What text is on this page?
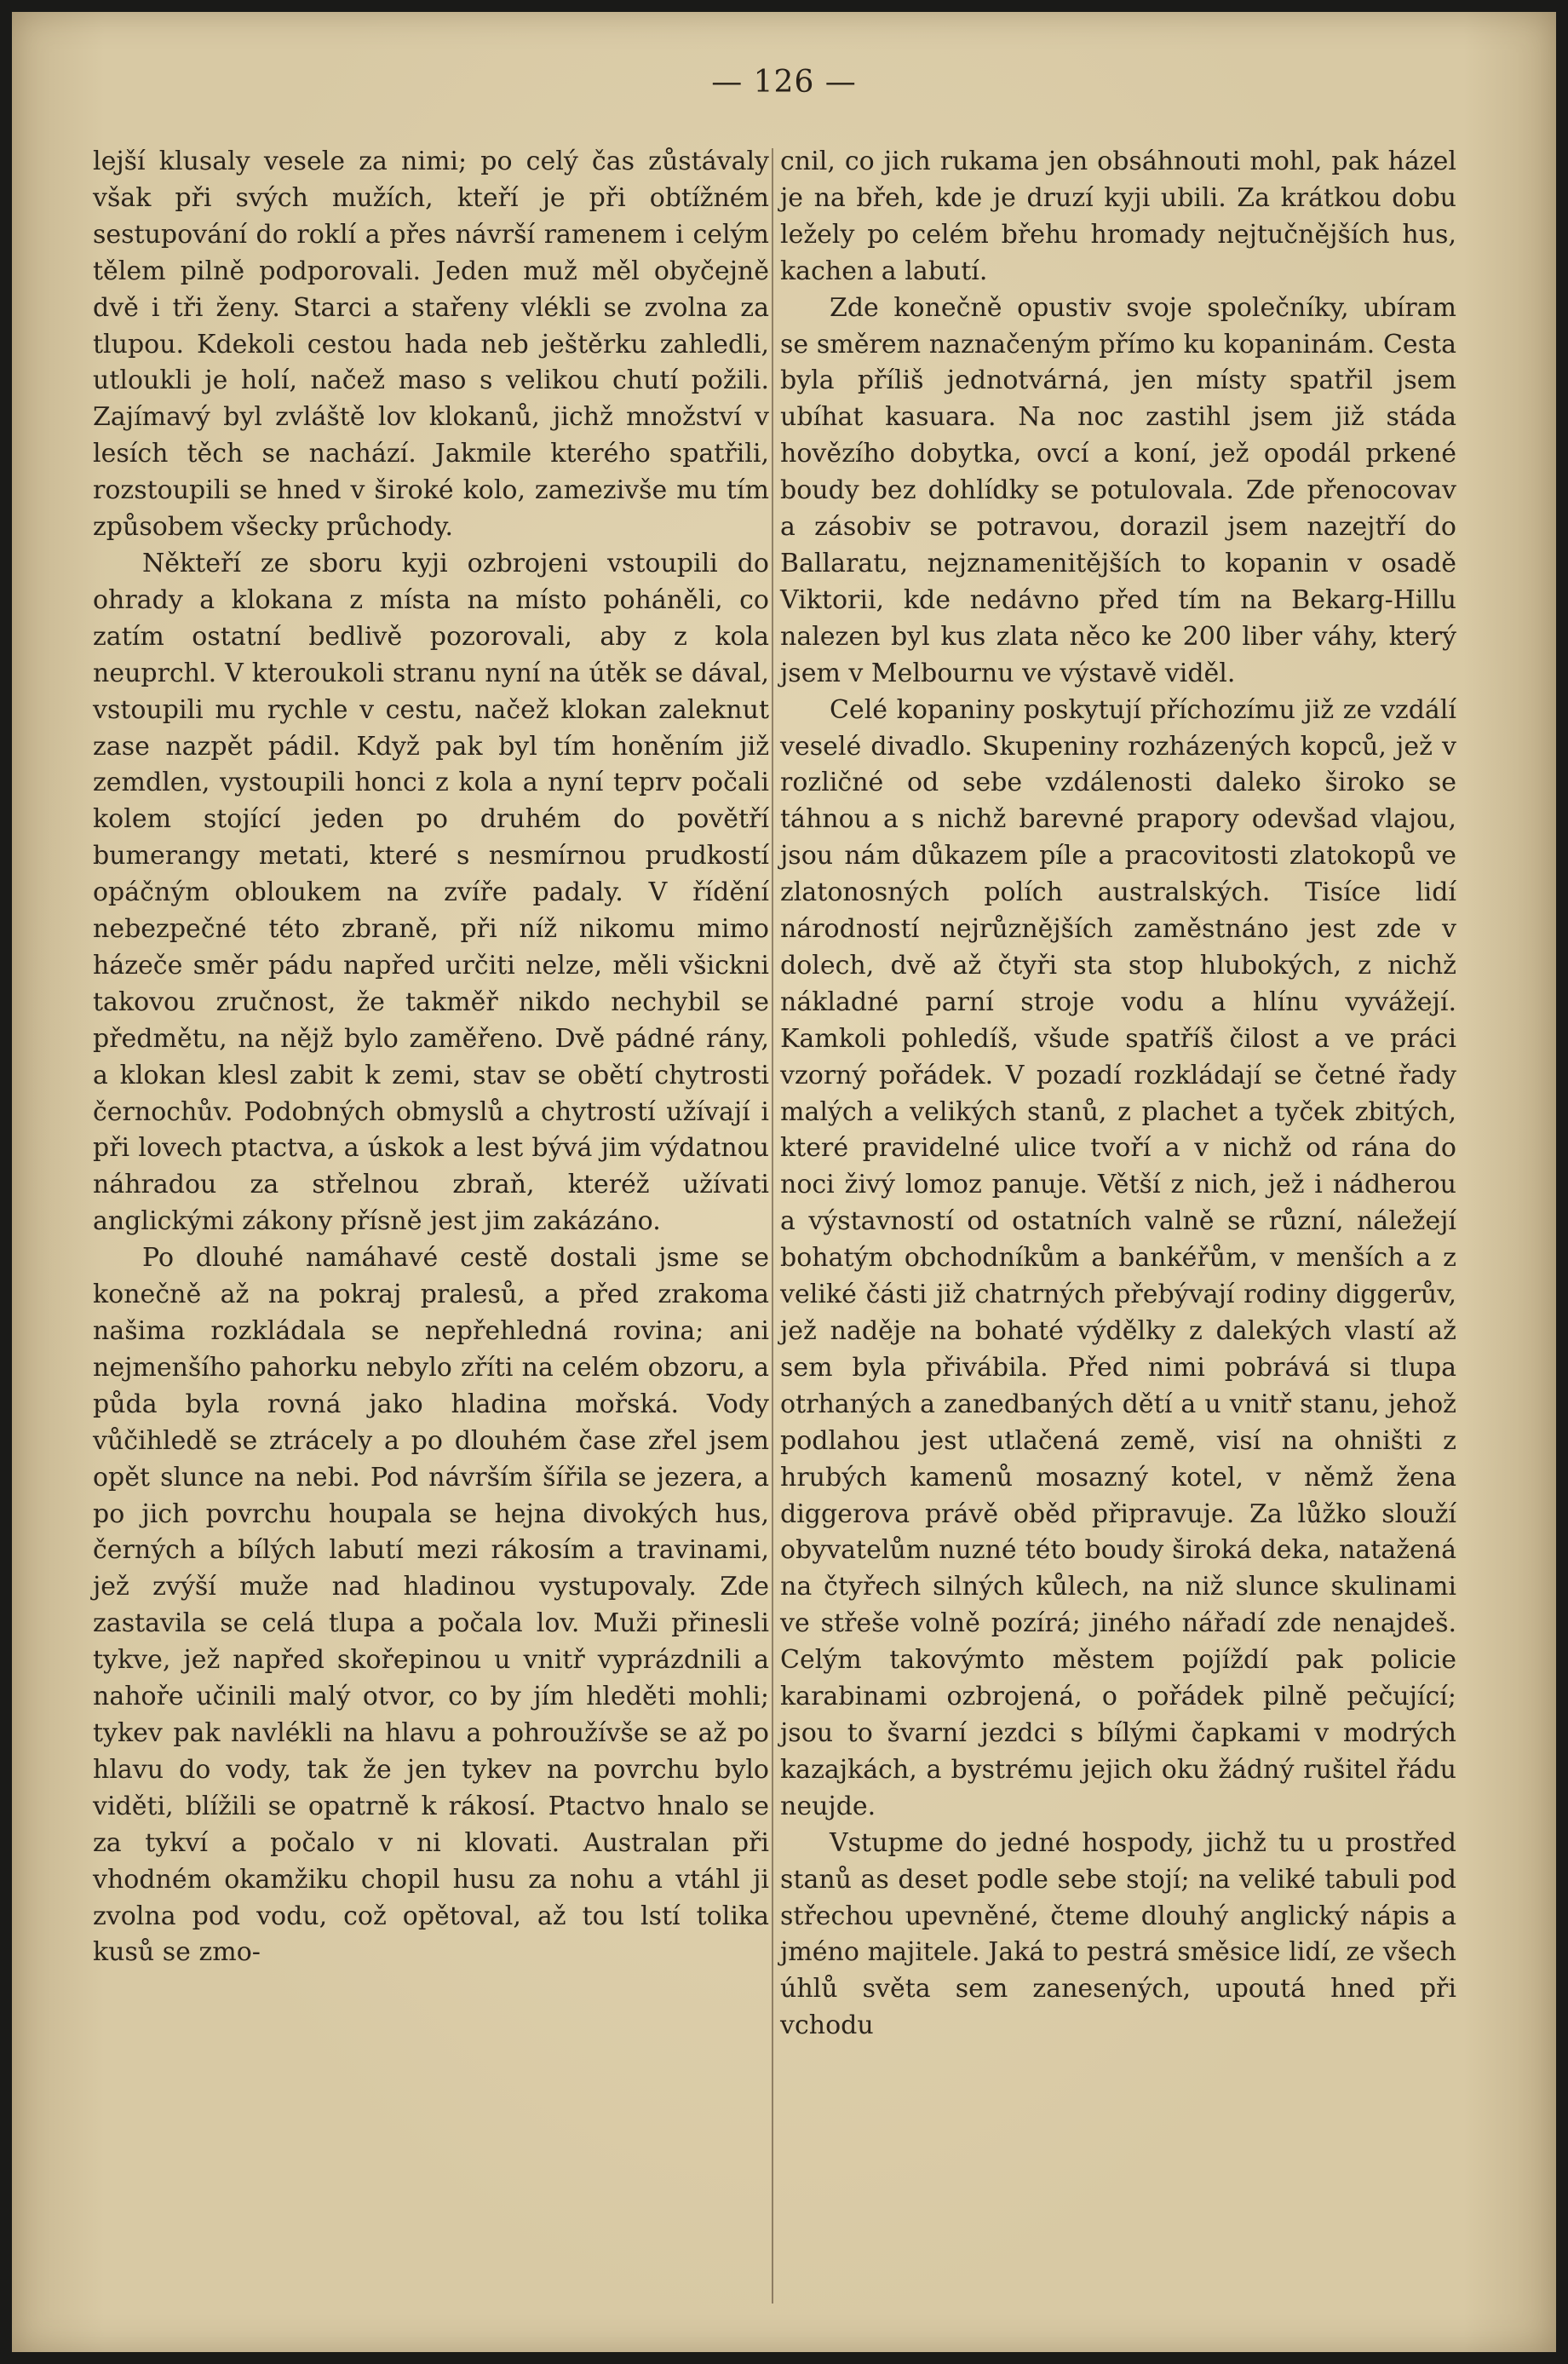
— 126 —

lejší klusaly vesele za nimi; po celý čas zůstávaly však při svých mužích, kteří je při obtížném sestupování do roklí a přes návrší ramenem i celým tělem pilně podporovali. Jeden muž měl obyčejně dvě i tři ženy. Starci a stařeny vlékli se zvolna za tlupou. Kdekoli cestou hada neb ještěrku zahledli, utloukli je holí, načež maso s velikou chutí požili. Zajímavý byl zvláště lov klokanů, jichž množství v lesích těch se nachází. Jakmile kterého spatřili, rozstoupili se hned v široké kolo, zamezivše mu tím způsobem všecky průchody.

Někteří ze sboru kyji ozbrojeni vstoupili do ohrady a klokana z místa na místo poháněli, co zatím ostatní bedlivě pozorovali, aby z kola neuprchl. V kteroukoli stranu nyní na útěk se dával, vstoupili mu rychle v cestu, načež klokan zaleknut zase nazpět pádil. Když pak byl tím honěním již zemdlen, vystoupili honci z kola a nyní teprv počali kolem stojící jeden po druhém do povětří bumerangy metati, které s nesmírnou prudkostí opáčným obloukem na zvíře padaly. V řídění nebezpečné této zbraně, při níž nikomu mimo házeče směr pádu napřed určiti nelze, měli všickni takovou zručnost, že takměř nikdo nechybil se předmětu, na nějž bylo zaměřeno. Dvě pádné rány, a klokan klesl zabit k zemi, stav se obětí chytrosti černochův. Podobných obmyslů a chytrostí užívají i při lovech ptactva, a úskok a lest bývá jim výdatnou náhradou za střelnou zbraň, kteréž užívati anglickými zákony přísně jest jim zakázáno.

Po dlouhé namáhavé cestě dostali jsme se konečně až na pokraj pralesů, a před zrakoma našima rozkládala se nepřehledná rovina; ani nejmenšího pahorku nebylo zříti na celém obzoru, a půda byla rovná jako hladina mořská. Vody vůčihledě se ztrácely a po dlouhém čase zřel jsem opět slunce na nebi. Pod návrším šířila se jezera, a po jich povrchu houpala se hejna divokých hus, černých a bílých labutí mezi rákosím a travinami, jež zvýší muže nad hladinou vystupovaly. Zde zastavila se celá tlupa a počala lov. Muži přinesli tykve, jež napřed skořepinou u vnitř vyprázdnili a nahoře učinili malý otvor, co by jím hleděti mohli; tykev pak navlékli na hlavu a pohroužívše se až po hlavu do vody, tak že jen tykev na povrchu bylo viděti, blížili se opatrně k rákosí. Ptactvo hnalo se za tykví a počalo v ni klovati. Australan při vhodném okamžiku chopil husu za nohu a vtáhl ji zvolna pod vodu, což opětoval, až tou lstí tolika kusů se zmo-

cnil, co jich rukama jen obsáhnouti mohl, pak házel je na břeh, kde je druzí kyji ubili. Za krátkou dobu ležely po celém břehu hromady nejtučnějších hus, kachen a labutí.

Zde konečně opustiv svoje společníky, ubíram se směrem naznačeným přímo ku kopaninám. Cesta byla příliš jednotvárná, jen místy spatřil jsem ubíhat kasuara. Na noc zastihl jsem již stáda hovězího dobytka, ovcí a koní, jež opodál prkené boudy bez dohlídky se potulovala. Zde přenocovav a zásobiv se potravou, dorazil jsem nazejtří do Ballaratu, nejznamenitějších to kopanin v osadě Viktorii, kde nedávno před tím na Bekarg-Hillu nalezen byl kus zlata něco ke 200 liber váhy, který jsem v Melbournu ve výstavě viděl.

Celé kopaniny poskytují příchozímu již ze vzdálí veselé divadlo. Skupeniny rozházených kopců, jež v rozličné od sebe vzdálenosti daleko široko se táhnou a s nichž barevné prapory odevšad vlajou, jsou nám důkazem píle a pracovitosti zlatokopů ve zlatonosných polích australských. Tisíce lidí národností nejrůznějších zaměstnáno jest zde v dolech, dvě až čtyři sta stop hlubokých, z nichž nákladné parní stroje vodu a hlínu vyvážejí. Kamkoli pohledíš, všude spatříš čilost a ve práci vzorný pořádek. V pozadí rozkládají se četné řady malých a velikých stanů, z plachet a tyček zbitých, které pravidelné ulice tvoří a v nichž od rána do noci živý lomoz panuje. Větší z nich, jež i nádherou a výstavností od ostatních valně se různí, náležejí bohatým obchodníkům a bankéřům, v menších a z veliké části již chatrných přebývají rodiny diggerův, jež naděje na bohaté výdělky z dalekých vlastí až sem byla přivábila. Před nimi pobrává si tlupa otrhaných a zanedbaných dětí a u vnitř stanu, jehož podlahou jest utlačená země, visí na ohništi z hrubých kamenů mosazný kotel, v němž žena diggerova právě oběd připravuje. Za lůžko slouží obyvatelům nuzné této boudy široká deka, natažená na čtyřech silných kůlech, na niž slunce skulinami ve střeše volně pozírá; jiného nářadí zde nenajdeš. Celým takovýmto městem pojíždí pak policie karabinami ozbrojená, o pořádek pilně pečující; jsou to švarní jezdci s bílými čapkami v modrých kazajkách, a bystrému jejich oku žádný rušitel řádu neujde.

Vstupme do jedné hospody, jichž tu u prostřed stanů as deset podle sebe stojí; na veliké tabuli pod střechou upevněné, čteme dlouhý anglický nápis a jméno majitele. Jaká to pestrá směsice lidí, ze všech úhlů světa sem zanesených, upoutá hned při vchodu
